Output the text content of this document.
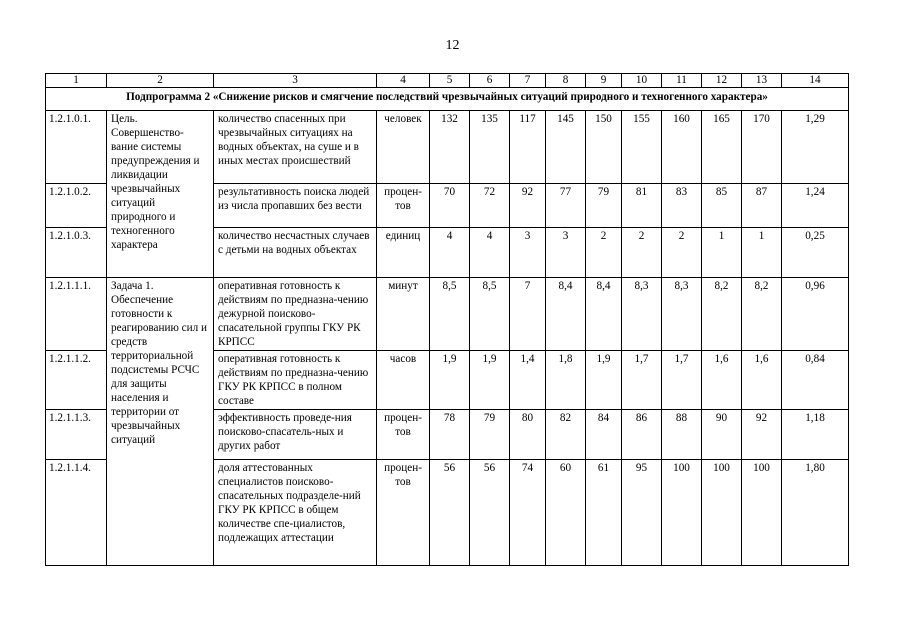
12
1	2	3	4	5	6	7	8	9	10	11	12	13	14
Подпрограмма 2 «Снижение рисков и смягчение последствий чрезвычайных ситуаций природного и техногенного характера»													
1.2.1.0.1.	Цель. Совершенство-вание системы предупреждения и ликвидации чрезвычайных ситуаций природного и техногенного характера	количество спасенных при чрезвычайных ситуациях на водных объектах, на суше и в иных местах происшествий	человек	132	135	117	145	150	155	160	165	170	1,29
1.2.1.0.2.		результативность поиска людей из числа пропавших без вести	процен-тов	70	72	92	77	79	81	83	85	87	1,24
1.2.1.0.3.		количество несчастных случаев с детьми на водных объектах	единиц	4	4	3	3	2	2	2	1	1	0,25
1.2.1.1.1.	Задача 1. Обеспечение готовности к реагированию сил и средств территориальной подсистемы РСЧС для защиты населения и территории от чрезвычайных ситуаций	оперативная готовность к действиям по предназна-чению дежурной поисково-спасательной группы ГКУ РК КРПСС	минут	8,5	8,5	7	8,4	8,4	8,3	8,3	8,2	8,2	0,96
1.2.1.1.2.		оперативная готовность к действиям по предназна-чению ГКУ РК КРПСС в полном составе	часов	1,9	1,9	1,4	1,8	1,9	1,7	1,7	1,6	1,6	0,84
1.2.1.1.3.		эффективность проведе-ния поисково-спасатель-ных и других работ	процен-тов	78	79	80	82	84	86	88	90	92	1,18
1.2.1.1.4.		доля аттестованных специалистов поисково-спасательных подразделе-ний ГКУ РК КРПСС в общем количестве спе-циалистов, подлежащих аттестации	процен-тов	56	56	74	60	61	95	100	100	100	1,80
